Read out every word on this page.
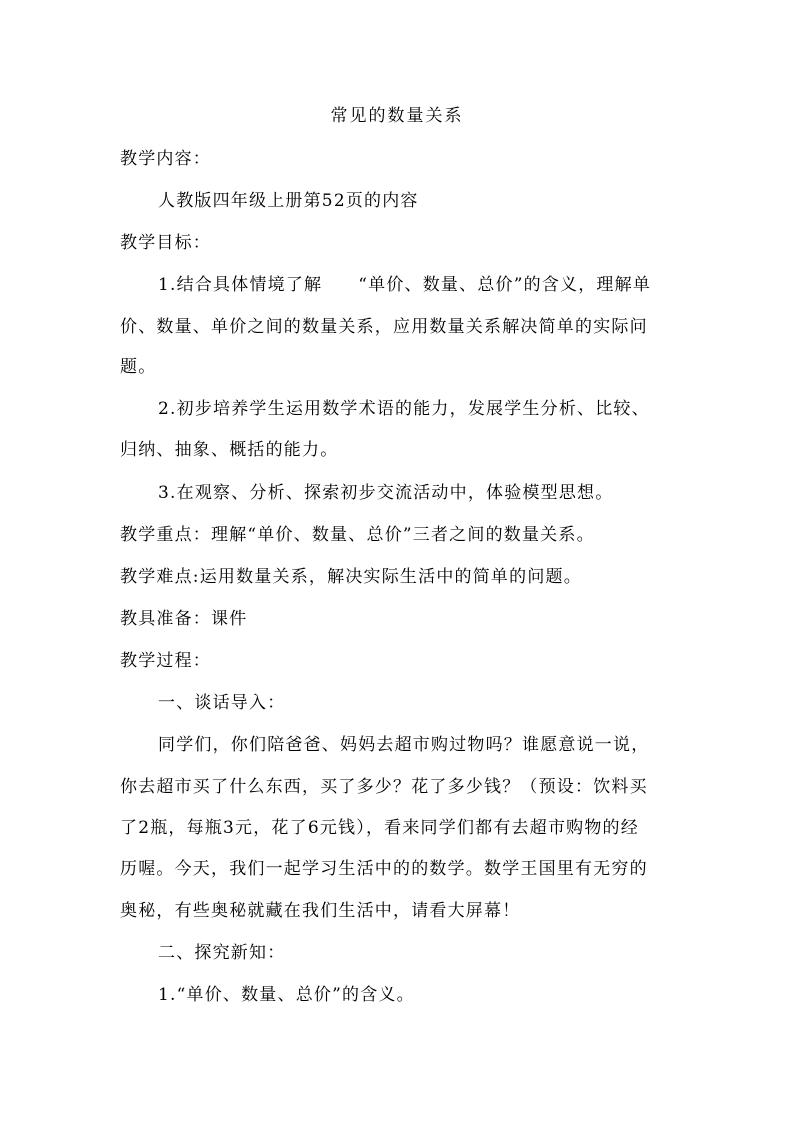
常见的数量关系
教学内容：
人教版四年级上册第52页的内容
教学目标：
1.结合具体情境了解 “单价、数量、总价”的含义，理解单
价、数量、单价之间的数量关系，应用数量关系解决简单的实际问
题。
2.初步培养学生运用数学术语的能力，发展学生分析、比较、
归纳、抽象、概括的能力。
3.在观察、分析、探索初步交流活动中，体验模型思想。
教学重点：理解“单价、数量、总价”三者之间的数量关系。
教学难点:运用数量关系，解决实际生活中的简单的问题。
教具准备：课件
教学过程：
一、谈话导入：
同学们，你们陪爸爸、妈妈去超市购过物吗？谁愿意说一说，
你去超市买了什么东西，买了多少？花了多少钱？（预设：饮料买
了2瓶，每瓶3元，花了6元钱），看来同学们都有去超市购物的经
历喔。今天，我们一起学习生活中的的数学。数学王国里有无穷的
奥秘，有些奥秘就藏在我们生活中，请看大屏幕！
二、探究新知：
1.“单价、数量、总价”的含义。
